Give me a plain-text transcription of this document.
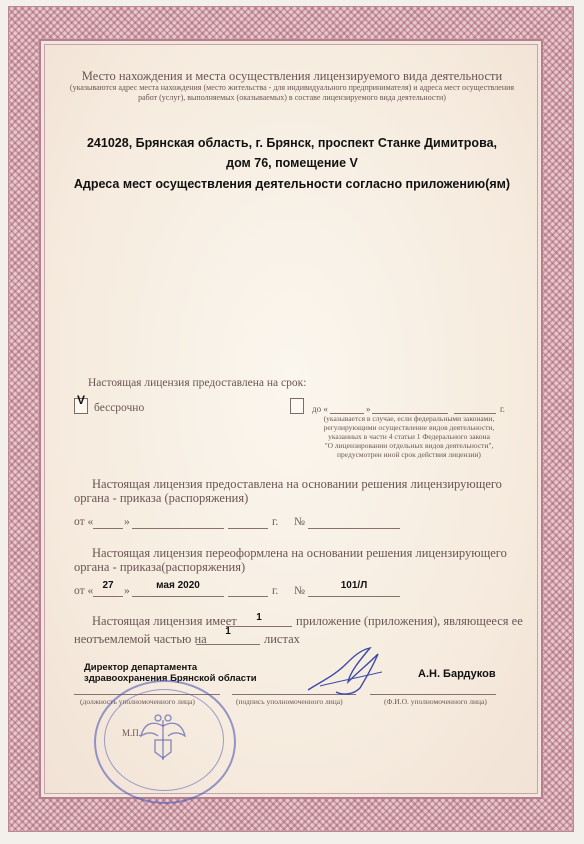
Место нахождения и места осуществления лицензируемого вида деятельности
(указываются адрес места нахождения (место жительства - для индивидуального предпринимателя) и адреса мест осуществления
работ (услуг), выполняемых (оказываемых) в составе лицензируемого вида деятельности)
241028, Брянская область, г. Брянск, проспект Станке Димитрова,
дом 76, помещение V
Адреса мест осуществления деятельности согласно приложению(ям)
Настоящая лицензия предоставлена на срок:
V
бессрочно	до «	»	г.
(указывается в случае, если федеральными законами,
регулирующими осуществление видов деятельности,
указанных в части 4 статьи 1 Федерального закона
"О лицензировании отдельных видов деятельности",
предусмотрен иной срок действия лицензии)
Настоящая лицензия предоставлена на основании решения лицензирующего
органа - приказа (распоряжения)
от «	»	г. №
Настоящая лицензия переоформлена на основании решения лицензирующего
органа - приказа(распоряжения)
от « 27 »	мая 2020	г. №	101/Л
Настоящая лицензия имеет	1	приложение (приложения), являющееся ее
неотъемлемой частью на
1
листах
Директор департамента
здравоохранения Брянской области	А.Н. Бардуков
(должность уполномоченного лица)	(подпись уполномоченного лица)	(Ф.И.О. уполномоченного лица)
М.П.
